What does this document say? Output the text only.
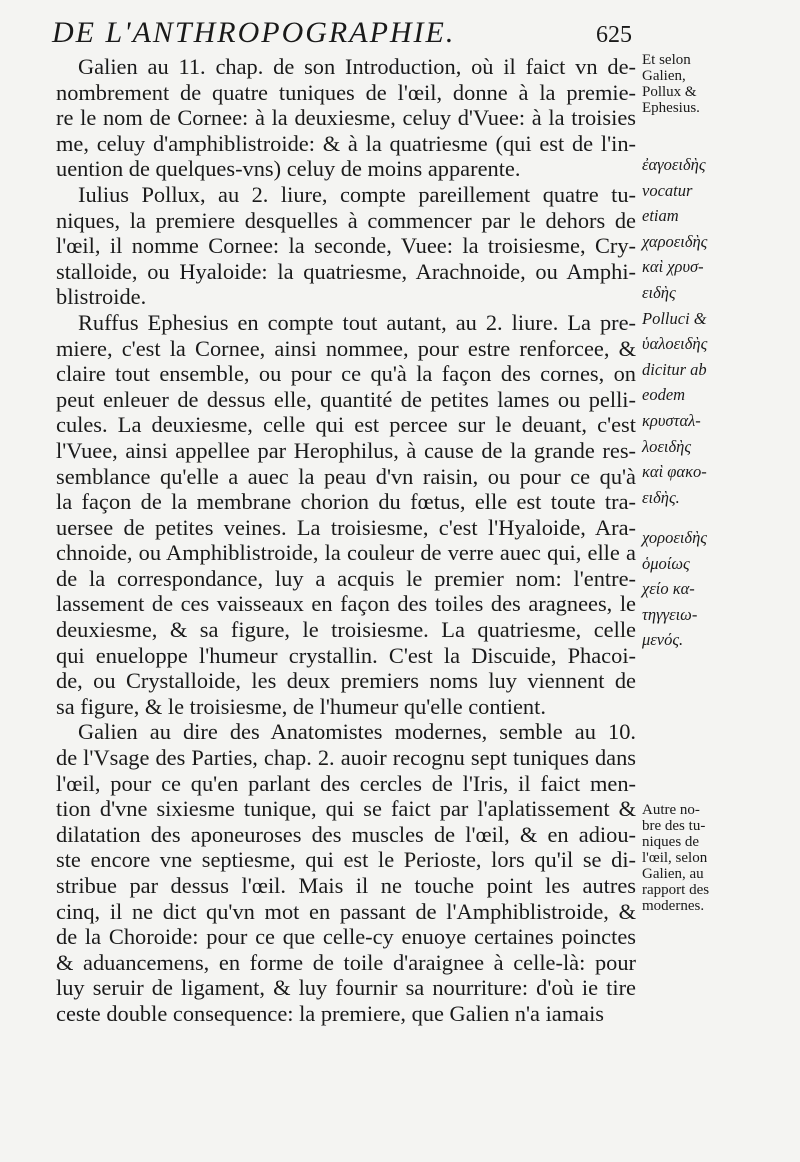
DE L'ANTHROPOGRAPHIE.	625
Galien au 11. chap. de son Introduction, où il faict vn de-
nombrement de quatre tuniques de l'œil, donne à la premie-
re le nom de Cornee: à la deuxiesme, celuy d'Vuee: à la troisies
me, celuy d'amphiblistroide: & à la quatriesme (qui est de l'in-
uention de quelques-vns) celuy de moins apparente.
Iulius Pollux, au 2. liure, compte pareillement quatre tu-
niques, la premiere desquelles à commencer par le dehors de
l'œil, il nomme Cornee: la seconde, Vuee: la troisiesme, Cry-
stalloide, ou Hyaloide: la quatriesme, Arachnoide, ou Amphi-
blistroide.
Ruffus Ephesius en compte tout autant, au 2. liure. La pre-
miere, c'est la Cornee, ainsi nommee, pour estre renforcee, &
claire tout ensemble, ou pour ce qu'à la façon des cornes, on
peut enleuer de dessus elle, quantité de petites lames ou pelli-
cules. La deuxiesme, celle qui est percee sur le deuant, c'est
l'Vuee, ainsi appellee par Herophilus, à cause de la grande res-
semblance qu'elle a auec la peau d'vn raisin, ou pour ce qu'à
la façon de la membrane chorion du fœtus, elle est toute tra-
uersee de petites veines. La troisiesme, c'est l'Hyaloide, Ara-
chnoide, ou Amphiblistroide, la couleur de verre auec qui, elle a
de la correspondance, luy a acquis le premier nom: l'entre-
lassement de ces vaisseaux en façon des toiles des aragnees, le
deuxiesme, & sa figure, le troisiesme. La quatriesme, celle
qui enueloppe l'humeur crystallin. C'est la Discuide, Phacoi-
de, ou Crystalloide, les deux premiers noms luy viennent de
sa figure, & le troisiesme, de l'humeur qu'elle contient.
Galien au dire des Anatomistes modernes, semble au 10.
de l'Vsage des Parties, chap. 2. auoir recognu sept tuniques dans
l'œil, pour ce qu'en parlant des cercles de l'Iris, il faict men-
tion d'vne sixiesme tunique, qui se faict par l'aplatissement &
dilatation des aponeuroses des muscles de l'œil, & en adiou-
ste encore vne septiesme, qui est le Perioste, lors qu'il se di-
stribue par dessus l'œil. Mais il ne touche point les autres
cinq, il ne dict qu'vn mot en passant de l'Amphiblistroide, &
de la Choroide: pour ce que celle-cy enuoye certaines poinctes
& aduancemens, en forme de toile d'araignee à celle-là: pour
luy seruir de ligament, & luy fournir sa nourriture: d'où ie tire
ceste double consequence: la premiere, que Galien n'a iamais
Et selon
Galien,
Pollux &
Ephesius.
ἐαγοειδὴς
vocatur
etiam
χαροειδὴς
καὶ χρυσ-
ειδὴς
Polluci &
ὑαλοειδὴς
dicitur ab
eodem
κρυσταλ-
λοειδὴς
καὶ φακο-
ειδὴς.
χοροειδὴς
ὁμοίως
χείο κα-
τηγγειω-
μενός.
Autre no-
bre des tu-
niques de
l'œil, selon
Galien, au
rapport des
modernes.
